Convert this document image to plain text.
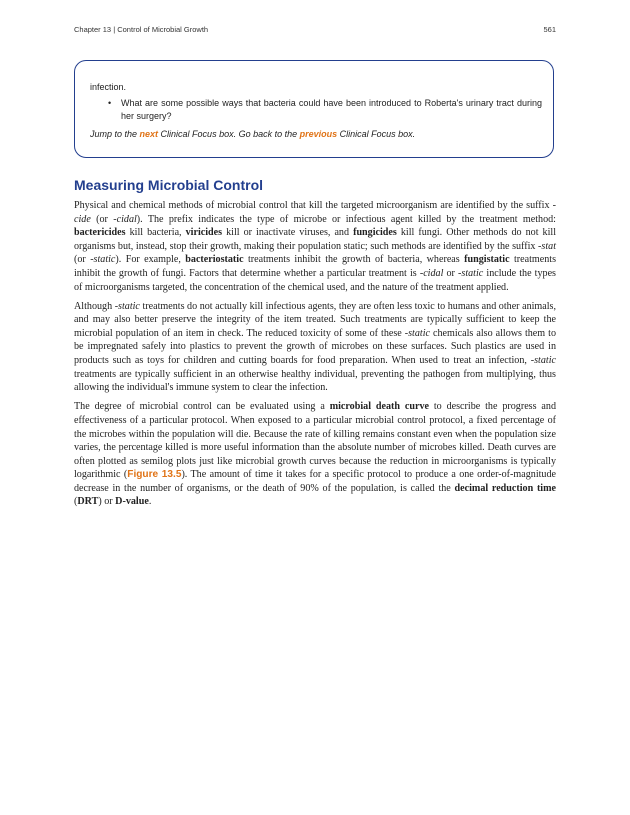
Chapter 13 | Control of Microbial Growth	561
infection.
• What are some possible ways that bacteria could have been introduced to Roberta's urinary tract during her surgery?
Jump to the next Clinical Focus box. Go back to the previous Clinical Focus box.
Measuring Microbial Control

Physical and chemical methods of microbial control that kill the targeted microorganism are identified by the suffix -cide (or -cidal). The prefix indicates the type of microbe or infectious agent killed by the treatment method: bactericides kill bacteria, viricides kill or inactivate viruses, and fungicides kill fungi. Other methods do not kill organisms but, instead, stop their growth, making their population static; such methods are identified by the suffix -stat (or -static). For example, bacteriostatic treatments inhibit the growth of bacteria, whereas fungistatic treatments inhibit the growth of fungi. Factors that determine whether a particular treatment is -cidal or -static include the types of microorganisms targeted, the concentration of the chemical used, and the nature of the treatment applied.

Although -static treatments do not actually kill infectious agents, they are often less toxic to humans and other animals, and may also better preserve the integrity of the item treated. Such treatments are typically sufficient to keep the microbial population of an item in check. The reduced toxicity of some of these -static chemicals also allows them to be impregnated safely into plastics to prevent the growth of microbes on these surfaces. Such plastics are used in products such as toys for children and cutting boards for food preparation. When used to treat an infection, -static treatments are typically sufficient in an otherwise healthy individual, preventing the pathogen from multiplying, thus allowing the individual's immune system to clear the infection.

The degree of microbial control can be evaluated using a microbial death curve to describe the progress and effectiveness of a particular protocol. When exposed to a particular microbial control protocol, a fixed percentage of the microbes within the population will die. Because the rate of killing remains constant even when the population size varies, the percentage killed is more useful information than the absolute number of microbes killed. Death curves are often plotted as semilog plots just like microbial growth curves because the reduction in microorganisms is typically logarithmic (Figure 13.5). The amount of time it takes for a specific protocol to produce a one order-of-magnitude decrease in the number of organisms, or the death of 90% of the population, is called the decimal reduction time (DRT) or D-value.
